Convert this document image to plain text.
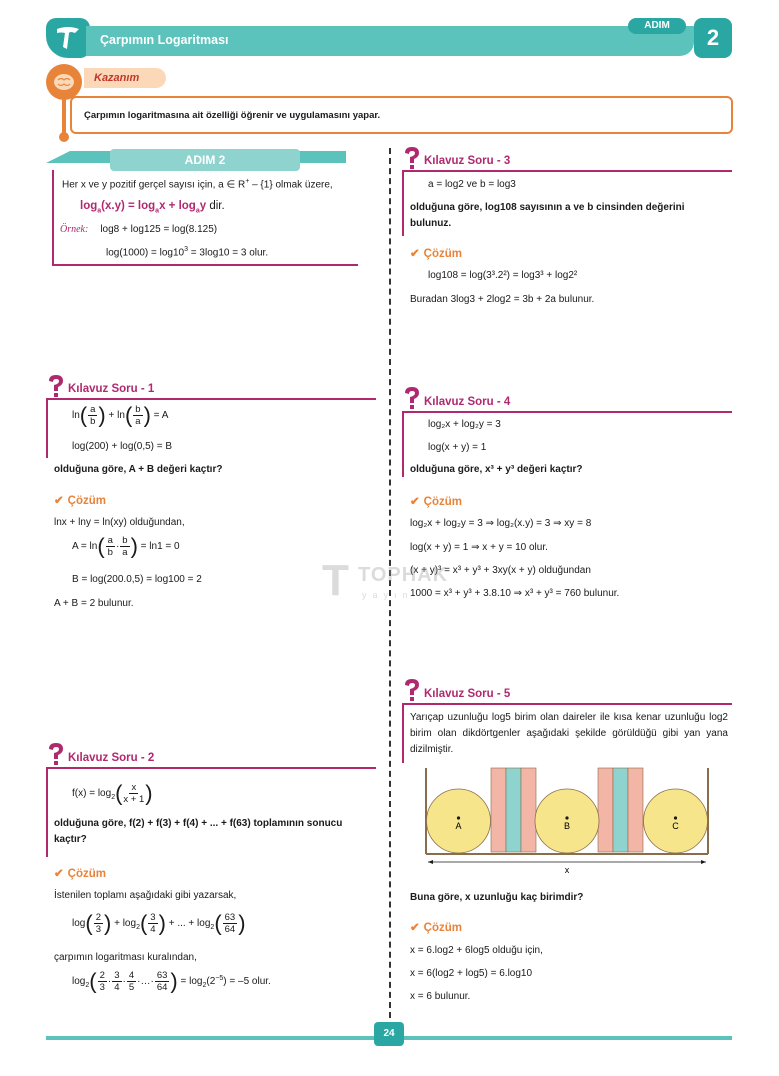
Çarpımın Logaritması
ADIM	2
Kazanım
Çarpımın logaritmasına ait özelliği öğrenir ve uygulamasını yapar.
ADIM 2
Her x ve y pozitif gerçel sayısı için, a ∈ R+ – {1} olmak üzere,
$\log_a(x.y) = \log_ax + \log_ay$ dir.
Örnek: log8 + log125 = log(8.125)
$\log(1000) = \log 10^3 = 3\log 10 = 3$ olur.
Kılavuz Soru - 3
a = log2 ve b = log3
olduğuna göre, log108 sayısının a ve b cinsinden değerini bulunuz.
✔ Çözüm
log108 = log(3³.2²) = log3³ + log2²
Buradan 3log3 + 2log2 = 3b + 2a bulunur.
Kılavuz Soru - 1
$\ln( \frac{a}{b}$ ) + $\ln( \frac{b}{a}$ ) = A
log(200) + log(0,5) = B
olduğuna göre, A + B değeri kaçtır?
✔ Çözüm
lnx + lny = ln(xy) olduğundan,
$A = \ln( \frac{a}{b} \cdot \frac{b}{a}$ ) = ln1 = 0
B = log(200.0,5) = log100 = 2
A + B = 2 bulunur.
Kılavuz Soru - 4
log₂x + log₂y = 3
log(x + y) = 1
olduğuna göre, x³ + y³ değeri kaçtır?
✔ Çözüm
log₂x + log₂y = 3 ⇒ log₂(x.y) = 3 ⇒ xy = 8
log(x + y) = 1 ⇒ x + y = 10 olur.
(x + y)³ = x³ + y³ + 3xy(x + y) olduğundan
1000 = x³ + y³ + 3.8.10 ⇒ x³ + y³ = 760 bulunur.
T TOPHAK
yayın
Kılavuz Soru - 5
Yarıçap uzunluğu log5 birim olan daireler ile kısa kenar uzunluğu log2 birim olan dikdörtgenler aşağıdaki şekilde görüldüğü gibi yan yana dizilmiştir.
A	B	C
x
Buna göre, x uzunluğu kaç birimdir?
✔ Çözüm
x = 6.log2 + 6log5 olduğu için,
x = 6(log2 + log5) = 6.log10
x = 6 bulunur.
Kılavuz Soru - 2
$f(x) = \log_2( \frac{x}{x + 1}$ )
olduğuna göre, f(2) + f(3) + f(4) + ... + f(63) toplamının sonucu kaçtır?
✔ Çözüm
İstenilen toplamı aşağıdaki gibi yazarsak,
$\log( \frac{2}{3}$ ) + $\log_2( \frac{3}{4}$ ) + ... + $\log_2( \frac{63}{64}$ )
çarpımın logaritması kuralından,
$\log_2( \frac{2}{3} \cdot \frac{3}{4} \cdot \frac{4}{5}$ ·…· $\frac{63}{64}$ ) = $\log_2(2^{-5}) = -5$ olur.
24
